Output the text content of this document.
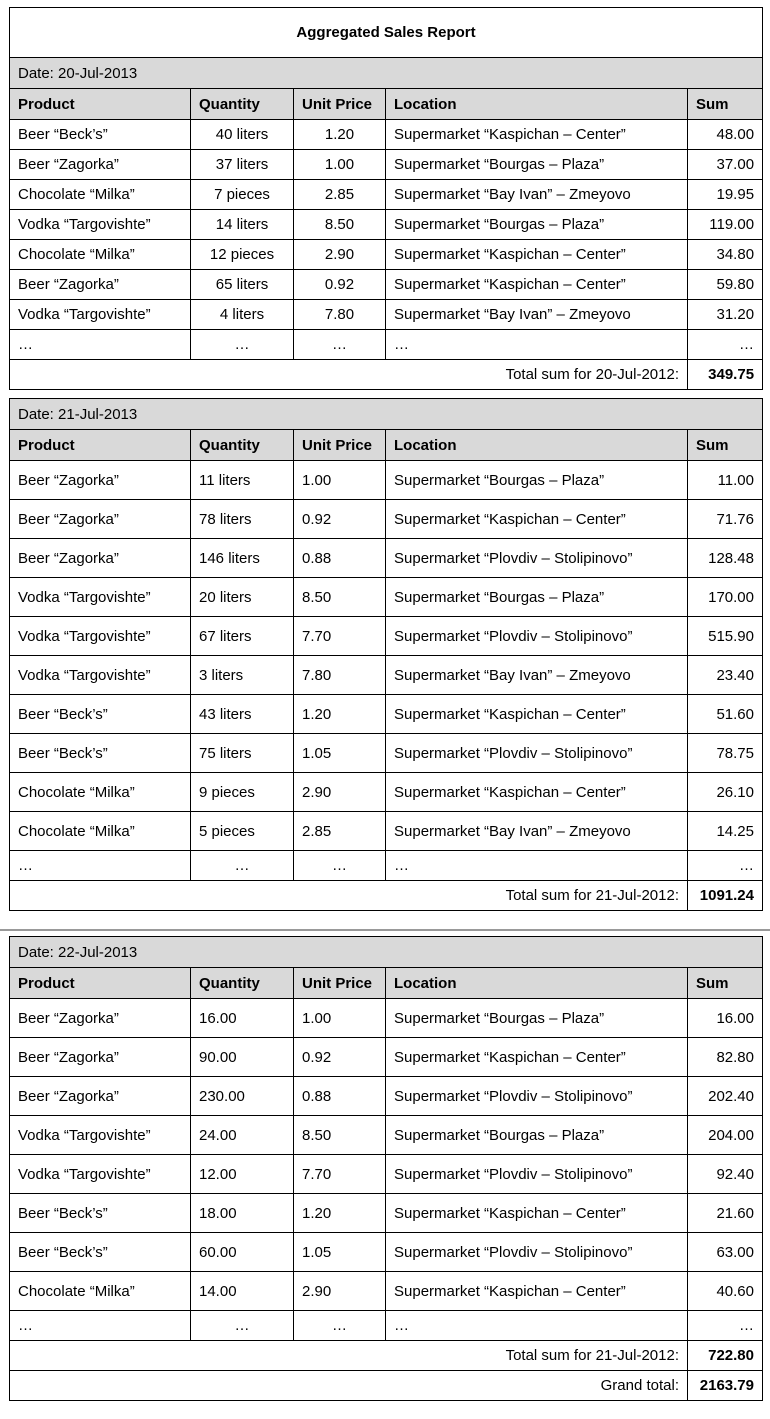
Aggregated Sales Report				
Date: 20-Jul-2013				
Product	Quantity	Unit Price	Location	Sum
Beer “Beck’s”	40 liters	1.20	Supermarket “Kaspichan – Center”	48.00
Beer “Zagorka”	37 liters	1.00	Supermarket “Bourgas – Plaza”	37.00
Chocolate “Milka”	7 pieces	2.85	Supermarket “Bay Ivan” – Zmeyovo	19.95
Vodka “Targovishte”	14 liters	8.50	Supermarket “Bourgas – Plaza”	119.00
Chocolate “Milka”	12 pieces	2.90	Supermarket “Kaspichan – Center”	34.80
Beer “Zagorka”	65 liters	0.92	Supermarket “Kaspichan – Center”	59.80
Vodka “Targovishte”	4 liters	7.80	Supermarket “Bay Ivan” – Zmeyovo	31.20
…	…	…	…	…
Total sum for 20-Jul-2012:				349.75
Date: 21-Jul-2013				
Product	Quantity	Unit Price	Location	Sum
Beer “Zagorka”	11 liters	1.00	Supermarket “Bourgas – Plaza”	11.00
Beer “Zagorka”	78 liters	0.92	Supermarket “Kaspichan – Center”	71.76
Beer “Zagorka”	146 liters	0.88	Supermarket “Plovdiv – Stolipinovo”	128.48
Vodka “Targovishte”	20 liters	8.50	Supermarket “Bourgas – Plaza”	170.00
Vodka “Targovishte”	67 liters	7.70	Supermarket “Plovdiv – Stolipinovo”	515.90
Vodka “Targovishte”	3 liters	7.80	Supermarket “Bay Ivan” – Zmeyovo	23.40
Beer “Beck’s”	43 liters	1.20	Supermarket “Kaspichan – Center”	51.60
Beer “Beck’s”	75 liters	1.05	Supermarket “Plovdiv – Stolipinovo”	78.75
Chocolate “Milka”	9 pieces	2.90	Supermarket “Kaspichan – Center”	26.10
Chocolate “Milka”	5 pieces	2.85	Supermarket “Bay Ivan” – Zmeyovo	14.25
…	…	…	…	…
Total sum for 21-Jul-2012:				1091.24
Date: 22-Jul-2013				
Product	Quantity	Unit Price	Location	Sum
Beer “Zagorka”	16.00	1.00	Supermarket “Bourgas – Plaza”	16.00
Beer “Zagorka”	90.00	0.92	Supermarket “Kaspichan – Center”	82.80
Beer “Zagorka”	230.00	0.88	Supermarket “Plovdiv – Stolipinovo”	202.40
Vodka “Targovishte”	24.00	8.50	Supermarket “Bourgas – Plaza”	204.00
Vodka “Targovishte”	12.00	7.70	Supermarket “Plovdiv – Stolipinovo”	92.40
Beer “Beck’s”	18.00	1.20	Supermarket “Kaspichan – Center”	21.60
Beer “Beck’s”	60.00	1.05	Supermarket “Plovdiv – Stolipinovo”	63.00
Chocolate “Milka”	14.00	2.90	Supermarket “Kaspichan – Center”	40.60
…	…	…	…	…
Total sum for 21-Jul-2012:				722.80
Grand total:				2163.79
